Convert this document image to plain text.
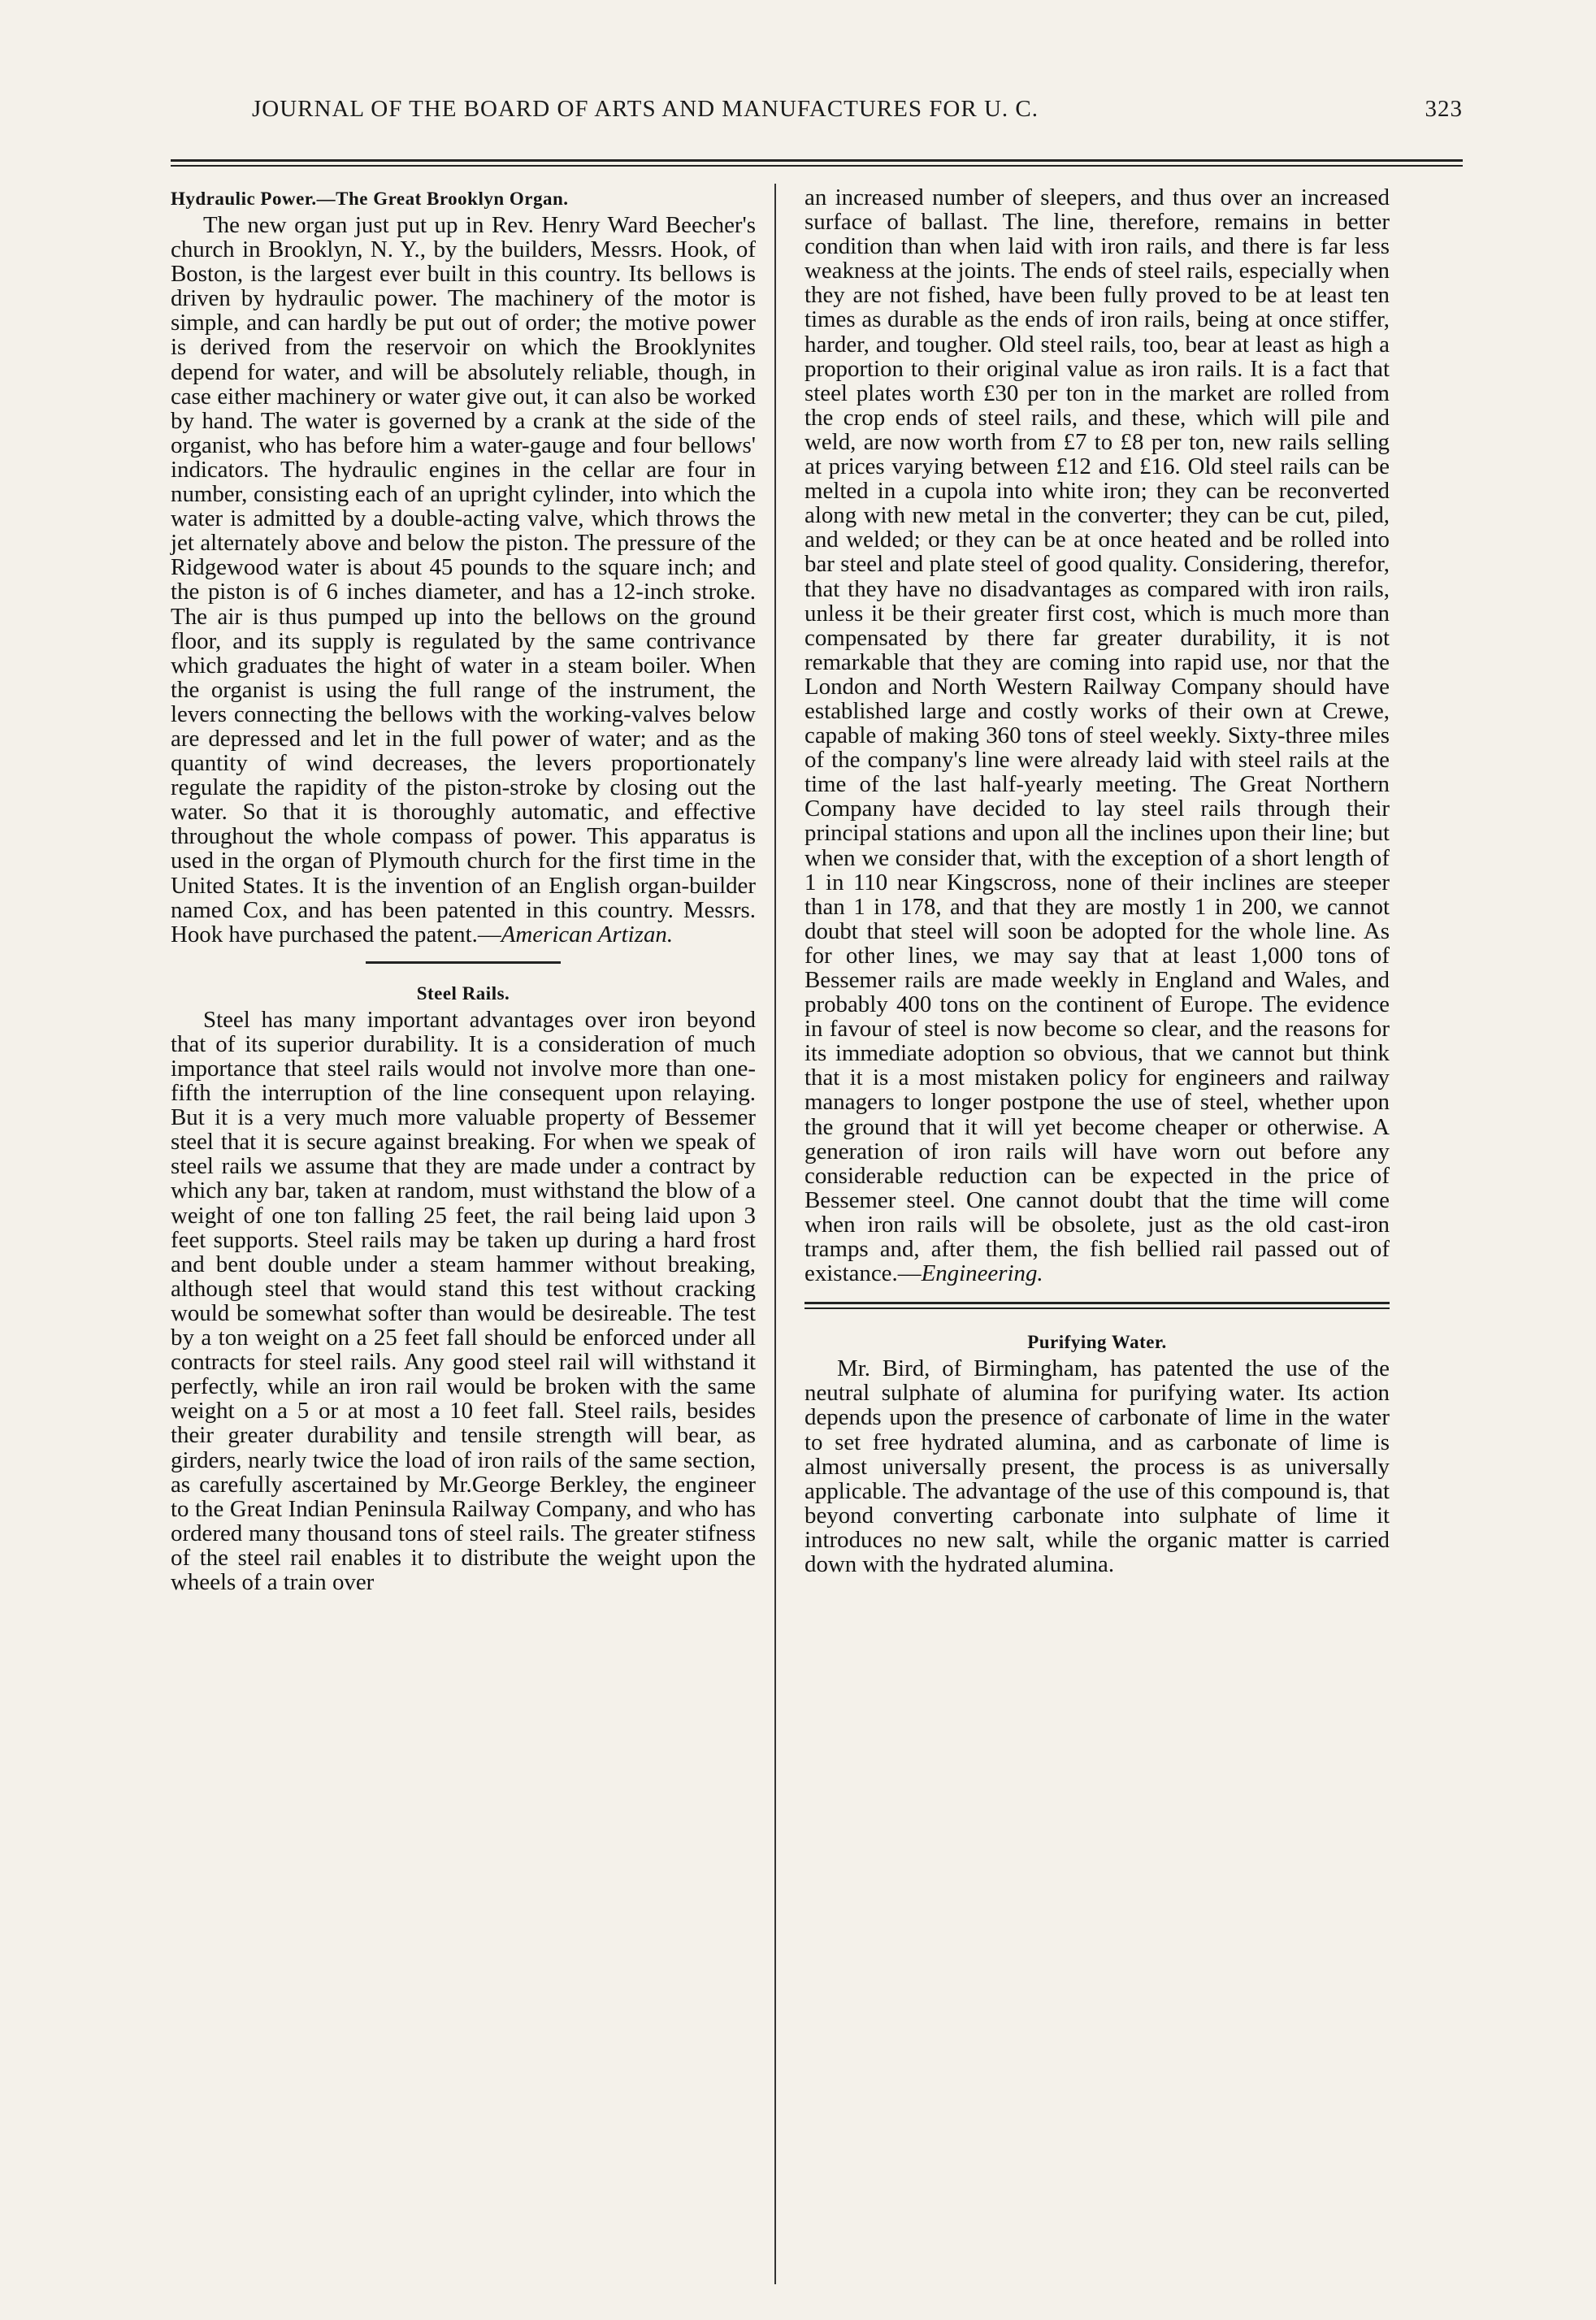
JOURNAL OF THE BOARD OF ARTS AND MANUFACTURES FOR U. C.	323

Hydraulic Power.—The Great Brooklyn Organ.

The new organ just put up in Rev. Henry Ward Beecher's church in Brooklyn, N. Y., by the builders, Messrs. Hook, of Boston, is the largest ever built in this country. Its bellows is driven by hydraulic power. The machinery of the motor is simple, and can hardly be put out of order; the motive power is derived from the reservoir on which the Brooklynites depend for water, and will be absolutely reliable, though, in case either machinery or water give out, it can also be worked by hand. The water is governed by a crank at the side of the organist, who has before him a water-gauge and four bellows' indicators. The hydraulic engines in the cellar are four in number, consisting each of an upright cylinder, into which the water is admitted by a double-acting valve, which throws the jet alternately above and below the piston. The pressure of the Ridgewood water is about 45 pounds to the square inch; and the piston is of 6 inches diameter, and has a 12-inch stroke. The air is thus pumped up into the bellows on the ground floor, and its supply is regulated by the same contrivance which graduates the hight of water in a steam boiler. When the organist is using the full range of the instrument, the levers connecting the bellows with the working-valves below are depressed and let in the full power of water; and as the quantity of wind decreases, the levers proportionately regulate the rapidity of the piston-stroke by closing out the water. So that it is thoroughly automatic, and effective throughout the whole compass of power. This apparatus is used in the organ of Plymouth church for the first time in the United States. It is the invention of an English organ-builder named Cox, and has been patented in this country. Messrs. Hook have purchased the patent.—American Artizan.

Steel Rails.

Steel has many important advantages over iron beyond that of its superior durability. It is a consideration of much importance that steel rails would not involve more than one-fifth the interruption of the line consequent upon relaying. But it is a very much more valuable property of Bessemer steel that it is secure against breaking. For when we speak of steel rails we assume that they are made under a contract by which any bar, taken at random, must withstand the blow of a weight of one ton falling 25 feet, the rail being laid upon 3 feet supports. Steel rails may be taken up during a hard frost and bent double under a steam hammer without breaking, although steel that would stand this test without cracking would be somewhat softer than would be desireable. The test by a ton weight on a 25 feet fall should be enforced under all contracts for steel rails. Any good steel rail will withstand it perfectly, while an iron rail would be broken with the same weight on a 5 or at most a 10 feet fall. Steel rails, besides their greater durability and tensile strength will bear, as girders, nearly twice the load of iron rails of the same section, as carefully ascertained by Mr.George Berkley, the engineer to the Great Indian Peninsula Railway Company, and who has ordered many thousand tons of steel rails. The greater stifness of the steel rail enables it to distribute the weight upon the wheels of a train over

an increased number of sleepers, and thus over an increased surface of ballast. The line, therefore, remains in better condition than when laid with iron rails, and there is far less weakness at the joints. The ends of steel rails, especially when they are not fished, have been fully proved to be at least ten times as durable as the ends of iron rails, being at once stiffer, harder, and tougher. Old steel rails, too, bear at least as high a proportion to their original value as iron rails. It is a fact that steel plates worth £30 per ton in the market are rolled from the crop ends of steel rails, and these, which will pile and weld, are now worth from £7 to £8 per ton, new rails selling at prices varying between £12 and £16. Old steel rails can be melted in a cupola into white iron; they can be reconverted along with new metal in the converter; they can be cut, piled, and welded; or they can be at once heated and be rolled into bar steel and plate steel of good quality. Considering, therefor, that they have no disadvantages as compared with iron rails, unless it be their greater first cost, which is much more than compensated by there far greater durability, it is not remarkable that they are coming into rapid use, nor that the London and North Western Railway Company should have established large and costly works of their own at Crewe, capable of making 360 tons of steel weekly. Sixty-three miles of the company's line were already laid with steel rails at the time of the last half-yearly meeting. The Great Northern Company have decided to lay steel rails through their principal stations and upon all the inclines upon their line; but when we consider that, with the exception of a short length of 1 in 110 near Kingscross, none of their inclines are steeper than 1 in 178, and that they are mostly 1 in 200, we cannot doubt that steel will soon be adopted for the whole line. As for other lines, we may say that at least 1,000 tons of Bessemer rails are made weekly in England and Wales, and probably 400 tons on the continent of Europe. The evidence in favour of steel is now become so clear, and the reasons for its immediate adoption so obvious, that we cannot but think that it is a most mistaken policy for engineers and railway managers to longer postpone the use of steel, whether upon the ground that it will yet become cheaper or otherwise. A generation of iron rails will have worn out before any considerable reduction can be expected in the price of Bessemer steel. One cannot doubt that the time will come when iron rails will be obsolete, just as the old cast-iron tramps and, after them, the fish bellied rail passed out of existance.—Engineering.

Purifying Water.

Mr. Bird, of Birmingham, has patented the use of the neutral sulphate of alumina for purifying water. Its action depends upon the presence of carbonate of lime in the water to set free hydrated alumina, and as carbonate of lime is almost universally present, the process is as universally applicable. The advantage of the use of this compound is, that beyond converting carbonate into sulphate of lime it introduces no new salt, while the organic matter is carried down with the hydrated alumina.
